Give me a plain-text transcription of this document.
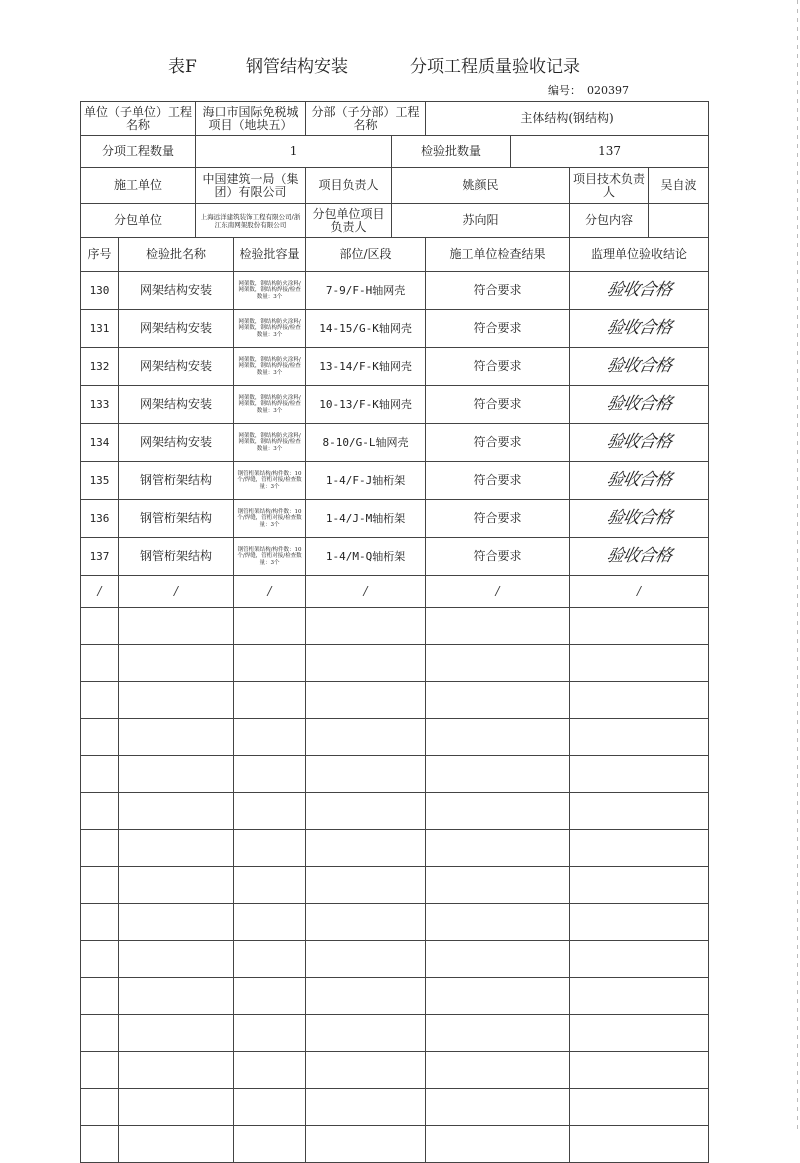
表F	钢管结构安装	分项工程质量验收记录
编号： 020397
单位（子单位）工程名称		海口市国际免税城项目（地块五）		分部（子分部）工程名称		主体结构(钢结构)			
分项工程数量		1			检验批数量		137		
施工单位		中国建筑一局（集团）有限公司		项目负责人	姚颜民			项目技术负责人	吴自波
分包单位		上海远洋建筑装饰工程有限公司/浙江东南网架股份有限公司		分包单位项目负责人	苏向阳			分包内容	
序号	检验批名称		检验批容量	部位/区段		施工单位检查结果		监理单位验收结论	
130	网架结构安装		网架数，钢结构防火涂料/网架数，钢结构焊接/检查数量：3个	7-9/F-H轴网壳		符合要求		验收合格	
131	网架结构安装		网架数，钢结构防火涂料/网架数，钢结构焊接/检查数量：3个	14-15/G-K轴网壳		符合要求		验收合格	
132	网架结构安装		网架数，钢结构防火涂料/网架数，钢结构焊接/检查数量：3个	13-14/F-K轴网壳		符合要求		验收合格	
133	网架结构安装		网架数，钢结构防火涂料/网架数，钢结构焊接/检查数量：3个	10-13/F-K轴网壳		符合要求		验收合格	
134	网架结构安装		网架数，钢结构防火涂料/网架数，钢结构焊接/检查数量：3个	8-10/G-L轴网壳		符合要求		验收合格	
135	钢管桁架结构		钢管桁架结构/构件数：10个/焊缝，管桁对接/检查数量：3个	1-4/F-J轴桁架		符合要求		验收合格	
136	钢管桁架结构		钢管桁架结构/构件数：10个/焊缝，管桁对接/检查数量：3个	1-4/J-M轴桁架		符合要求		验收合格	
137	钢管桁架结构		钢管桁架结构/构件数：10个/焊缝，管桁对接/检查数量：3个	1-4/M-Q轴桁架		符合要求		验收合格	
/	/		/	/		/		/	
